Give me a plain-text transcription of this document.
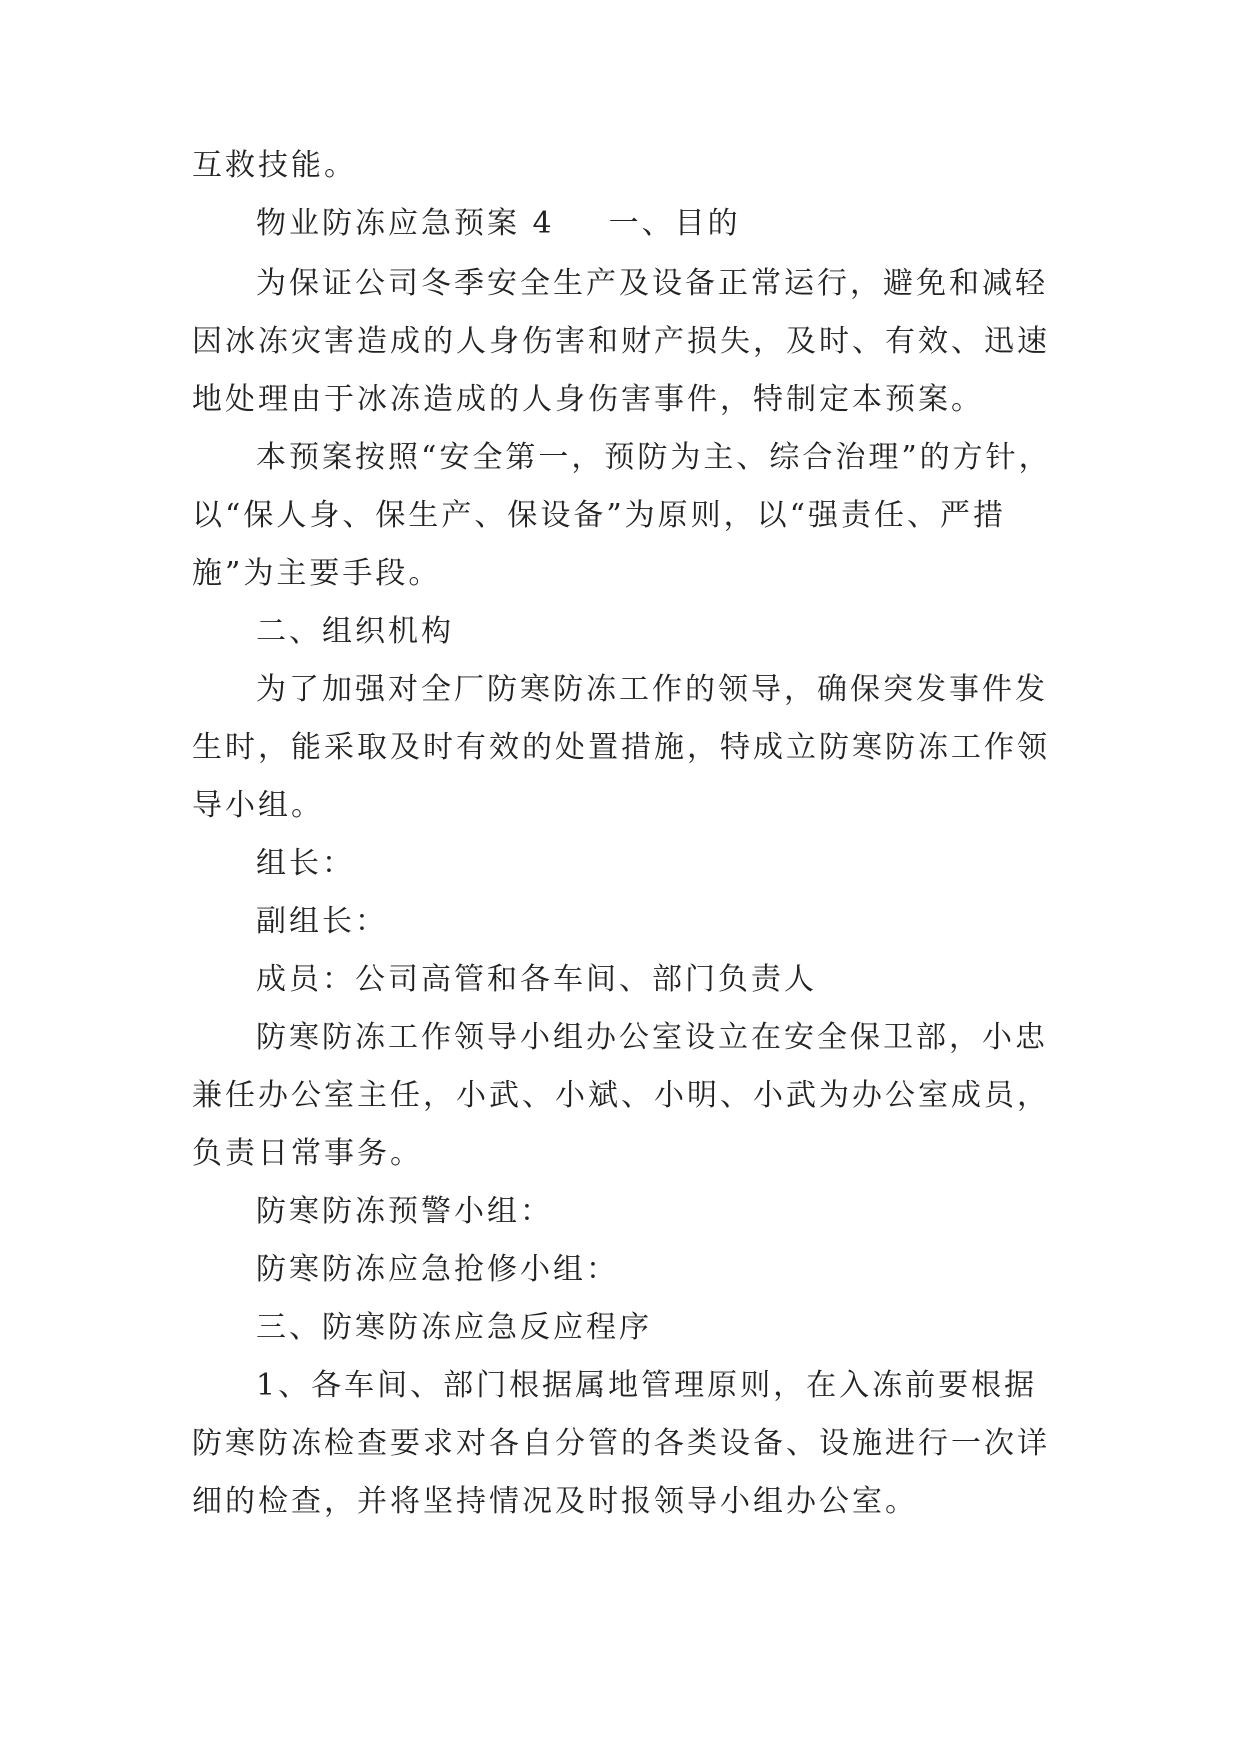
互救技能。
物业防冻应急预案 4 一、目的
为保证公司冬季安全生产及设备正常运行，避免和减轻
因冰冻灾害造成的人身伤害和财产损失，及时、有效、迅速
地处理由于冰冻造成的人身伤害事件，特制定本预案。
本预案按照“安全第一，预防为主、综合治理”的方针，
以“保人身、保生产、保设备”为原则，以“强责任、严措
施”为主要手段。
二、组织机构
为了加强对全厂防寒防冻工作的领导，确保突发事件发
生时，能采取及时有效的处置措施，特成立防寒防冻工作领
导小组。
组长：
副组长：
成员：公司高管和各车间、部门负责人
防寒防冻工作领导小组办公室设立在安全保卫部，小忠
兼任办公室主任，小武、小斌、小明、小武为办公室成员，
负责日常事务。
防寒防冻预警小组：
防寒防冻应急抢修小组：
三、防寒防冻应急反应程序
1、各车间、部门根据属地管理原则，在入冻前要根据
防寒防冻检查要求对各自分管的各类设备、设施进行一次详
细的检查，并将坚持情况及时报领导小组办公室。
